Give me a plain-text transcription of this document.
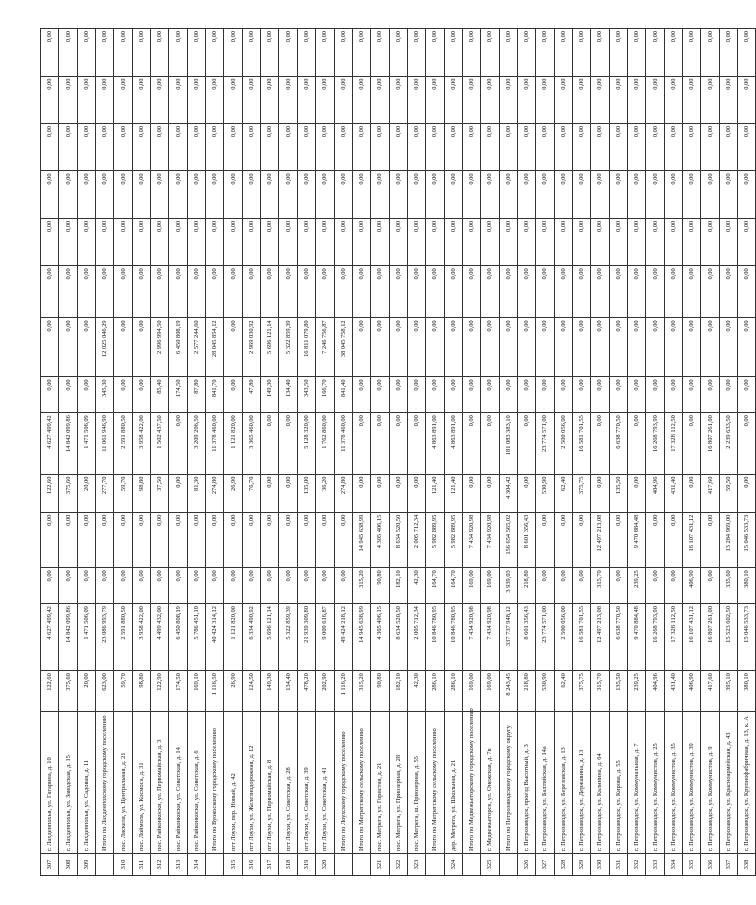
307	г. Лахденпохья, ул. Гагарина, д. 10	122,60	4 627 499,42	0,00	0,00	122,60	4 627 499,42	0,00	0,00	0,00	0,00	0,00	0,00	0,00	0,00
308	г. Лахденпохья, ул. Заводская, д. 15	375,60	14 842 099,86	0,00	0,00	375,60	14 842 099,86	0,00	0,00	0,00	0,00	0,00	0,00	0,00	0,00
309	г. Лахденпохья, ул. Садовая, д. 11	20,00	1 471 506,09	0,00	0,00	20,00	1 471 506,09	0,00	0,00	0,00	0,00	0,00	0,00	0,00	0,00
	Итого по Лахденпохскому городскому поселению	623,00	23 086 993,79	0,00	0,00	277,70	11 061 946,90	345,30	12 025 046,29	0,00	0,00	0,00	0,00	0,00	0,00
310	пос. Ляскеля, ул. Центральная, д. 21	59,70	2 591 880,50	0,00	0,00	59,70	2 591 880,50	0,00	0,00	0,00	0,00	0,00	0,00	0,00	0,00
311	пос. Лоймола, ул. Космоса, д. 31	98,80	3 958 422,00	0,00	0,00	98,80	3 958 422,00	0,00	0,00	0,00	0,00	0,00	0,00	0,00	0,00
312	пос. Райконкоски, ул. Первомайская, д. 3	122,90	4 499 432,00	0,00	0,00	37,50	1 502 437,50	85,40	2 996 994,50	0,00	0,00	0,00	0,00	0,00	0,00
313	пос. Райконкоски, ул. Советская, д. 14	174,50	6 450 808,19	0,00	0,00	0,00	0,00	174,50	6 450 808,19	0,00	0,00	0,00	0,00	0,00	0,00
314	пос. Райконкоски, ул. Советская, д. 6	169,10	5 786 451,10	0,00	0,00	81,30	3 209 206,50	87,80	2 577 244,60	0,00	0,00	0,00	0,00	0,00	0,00
	Итого по Вуокоскому городскому поселению	1 116,50	40 424 314,12	0,00	0,00	274,80	11 378 460,00	841,70	28 045 854,12	0,00	0,00	0,00	0,00	0,00	0,00
315	пгт Лоухи, пер. Новый, д. 42	26,90	1 121 820,00	0,00	0,00	26,90	1 121 820,00	0,00	0,00	0,00	0,00	0,00	0,00	0,00	0,00
316	пгт Лоухи, ул. Железнодорожная, д. 12	124,50	6 334 490,92	0,00	0,00	76,70	3 365 460,00	47,80	2 969 030,92	0,00	0,00	0,00	0,00	0,00	0,00
317	пгт Лоухи, ул. Первомайская, д. 8	149,30	5 696 121,14	0,00	0,00	0,00	0,00	149,30	5 696 121,14	0,00	0,00	0,00	0,00	0,00	0,00
318	пгт Лоухи, ул. Советская, д. 28	134,40	5 322 859,39	0,00	0,00	0,00	0,00	134,40	5 322 859,39	0,00	0,00	0,00	0,00	0,00	0,00
319	пгт Лоухи, ул. Советская, д. 39	478,20	21 939 309,80	0,00	0,00	135,00	5 128 320,00	343,50	16 811 079,80	0,00	0,00	0,00	0,00	0,00	0,00
320	пгт Лоухи, ул. Советская, д. 41	202,90	9 009 616,87	0,00	0,00	36,20	1 762 860,00	166,70	7 246 756,87	0,00	0,00	0,00	0,00	0,00	0,00
	Итого по Лоухскому городскому поселению	1 116,20	49 424 218,12	0,00	0,00	274,80	11 378 460,00	841,40	38 045 758,12	0,00	0,00	0,00	0,00	0,00	0,00
	Итого по Мегрегскому сельскому поселению	315,20	14 945 638,99	315,20	14 945 638,99	0,00	0,00	0,00	0,00	0,00	0,00	0,00	0,00	0,00	0,00
321	пос. Мегрега, ул. Гористая, д. 21	90,80	4 305 406,15	90,80	4 305 406,15	0,00	0,00	0,00	0,00	0,00	0,00	0,00	0,00	0,00	0,00
322	пос. Мегрега, ул. Приозерная, д. 28	182,10	8 634 520,50	182,10	8 634 520,50	0,00	0,00	0,00	0,00	0,00	0,00	0,00	0,00	0,00	0,00
323	пос. Мегрега, ш. Приозерная, д. 55	42,30	2 005 712,34	42,30	2 005 712,34	0,00	0,00	0,00	0,00	0,00	0,00	0,00	0,00	0,00	0,00
	Итого по Мегрегскому сельскому поселению	286,10	10 846 780,95	164,70	5 982 889,95	121,40	4 863 891,00	0,00	0,00	0,00	0,00	0,00	0,00	0,00	0,00
324	дер. Мегрега, ул. Школьная, д. 21	286,10	10 846 780,95	164,70	5 982 889,95	121,40	4 863 891,00	0,00	0,00	0,00	0,00	0,00	0,00	0,00	0,00
	Итого по Медвежьегорскому городскому поселению	169,00	7 434 920,98	169,00	7 434 920,98	0,00	0,00	0,00	0,00	0,00	0,00	0,00	0,00	0,00	0,00
325	г. Медвежьегорск, ул. Онежская, д. 7в	169,00	7 434 920,98	169,00	7 434 920,98	0,00	0,00	0,00	0,00	0,00	0,00	0,00	0,00	0,00	0,00
	Итого по Петрозаводскому городскому округу	8 243,45	337 737 948,12	3 939,03	156 654 565,02	4 304,42	181 083 383,10	0,00	0,00	0,00	0,00	0,00	0,00	0,00	0,00
326	г. Петрозаводск, проезд Высотный, д. 3	218,80	8 601 356,43	218,80	8 601 356,43	0,00	0,00	0,00	0,00	0,00	0,00	0,00	0,00	0,00	0,00
327	г. Петрозаводск, ул. Балтийская, д. 14а	530,90	23 774 571,00	0,00	0,00	530,90	23 774 571,00	0,00	0,00	0,00	0,00	0,00	0,00	0,00	0,00
328	г. Петрозаводск, ул. Березовская, д. 13	62,40	2 500 056,00	0,00	0,00	62,40	2 500 056,00	0,00	0,00	0,00	0,00	0,00	0,00	0,00	0,00
329	г. Петрозаводск, ул. Державина, д. 13	375,75	16 581 701,55	0,00	0,00	375,75	16 581 701,55	0,00	0,00	0,00	0,00	0,00	0,00	0,00	0,00
330	г. Петрозаводск, ул. Калинина, д. 64	315,70	12 497 213,08	315,70	12 497 213,08	0,00	0,00	0,00	0,00	0,00	0,00	0,00	0,00	0,00	0,00
331	г. Петрозаводск, ул. Кирова, д. 55	135,50	6 638 770,50	0,00	0,00	135,50	6 638 770,50	0,00	0,00	0,00	0,00	0,00	0,00	0,00	0,00
332	г. Петрозаводск, ул. Коммунальная, д. 7	239,25	9 470 884,48	239,25	9 470 884,48	0,00	0,00	0,00	0,00	0,00	0,00	0,00	0,00	0,00	0,00
333	г. Петрозаводск, ул. Коммунистов, д. 25	404,96	16 268 793,90	0,00	0,00	404,96	16 268 793,90	0,00	0,00	0,00	0,00	0,00	0,00	0,00	0,00
334	г. Петрозаводск, ул. Коммунистов, д. 35	431,40	17 328 112,50	0,00	0,00	431,40	17 328 112,50	0,00	0,00	0,00	0,00	0,00	0,00	0,00	0,00
335	г. Петрозаводск, ул. Коммунистов, д. 39	406,90	16 107 431,12	406,90	16 107 431,12	0,00	0,00	0,00	0,00	0,00	0,00	0,00	0,00	0,00	0,00
336	г. Петрозаводск, ул. Коммунистов, д. 9	417,60	16 807 261,00	0,00	0,00	417,60	16 807 261,00	0,00	0,00	0,00	0,00	0,00	0,00	0,00	0,00
337	г. Петрозаводск, ул. Красноармейская, д. 43	395,10	15 523 602,50	335,60	13 284 969,00	59,50	2 239 633,50	0,00	0,00	0,00	0,00	0,00	0,00	0,00	0,00
338	г. Петрозаводск, ул. Крупнофабричная, д. 13, к. А	380,10	15 046 533,73	380,10	15 046 533,73	0,00	0,00	0,00	0,00	0,00	0,00	0,00	0,00	0,00	0,00
